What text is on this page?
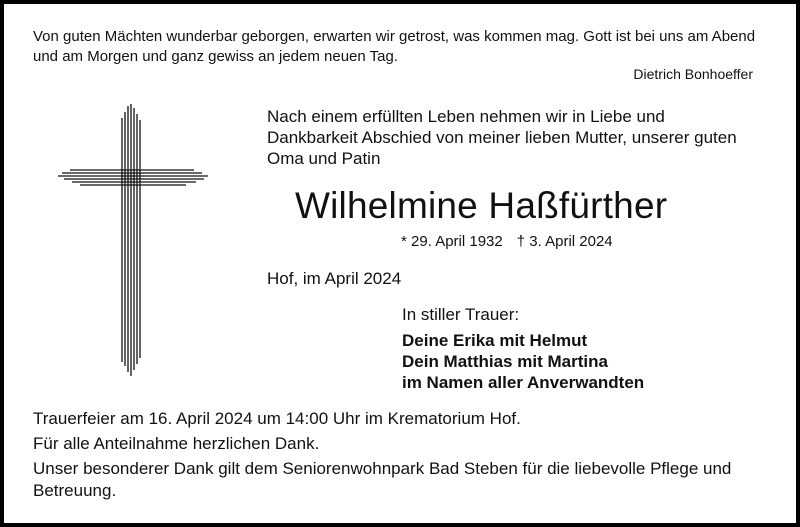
Von guten Mächten wunderbar geborgen, erwarten wir getrost, was kommen mag. Gott ist bei uns am Abend und am Morgen und ganz gewiss an jedem neuen Tag.
Dietrich Bonhoeffer
Nach einem erfüllten Leben nehmen wir in Liebe und Dankbarkeit Abschied von meiner lieben Mutter, unserer guten Oma und Patin
Wilhelmine Haßfürther
* 29. April 1932 † 3. April 2024
Hof, im April 2024
In stiller Trauer:
Deine Erika mit Helmut
Dein Matthias mit Martina
im Namen aller Anverwandten
Trauerfeier am 16. April 2024 um 14:00 Uhr im Krematorium Hof.
Für alle Anteilnahme herzlichen Dank.
Unser besonderer Dank gilt dem Seniorenwohnpark Bad Steben für die liebevolle Pflege und Betreuung.
